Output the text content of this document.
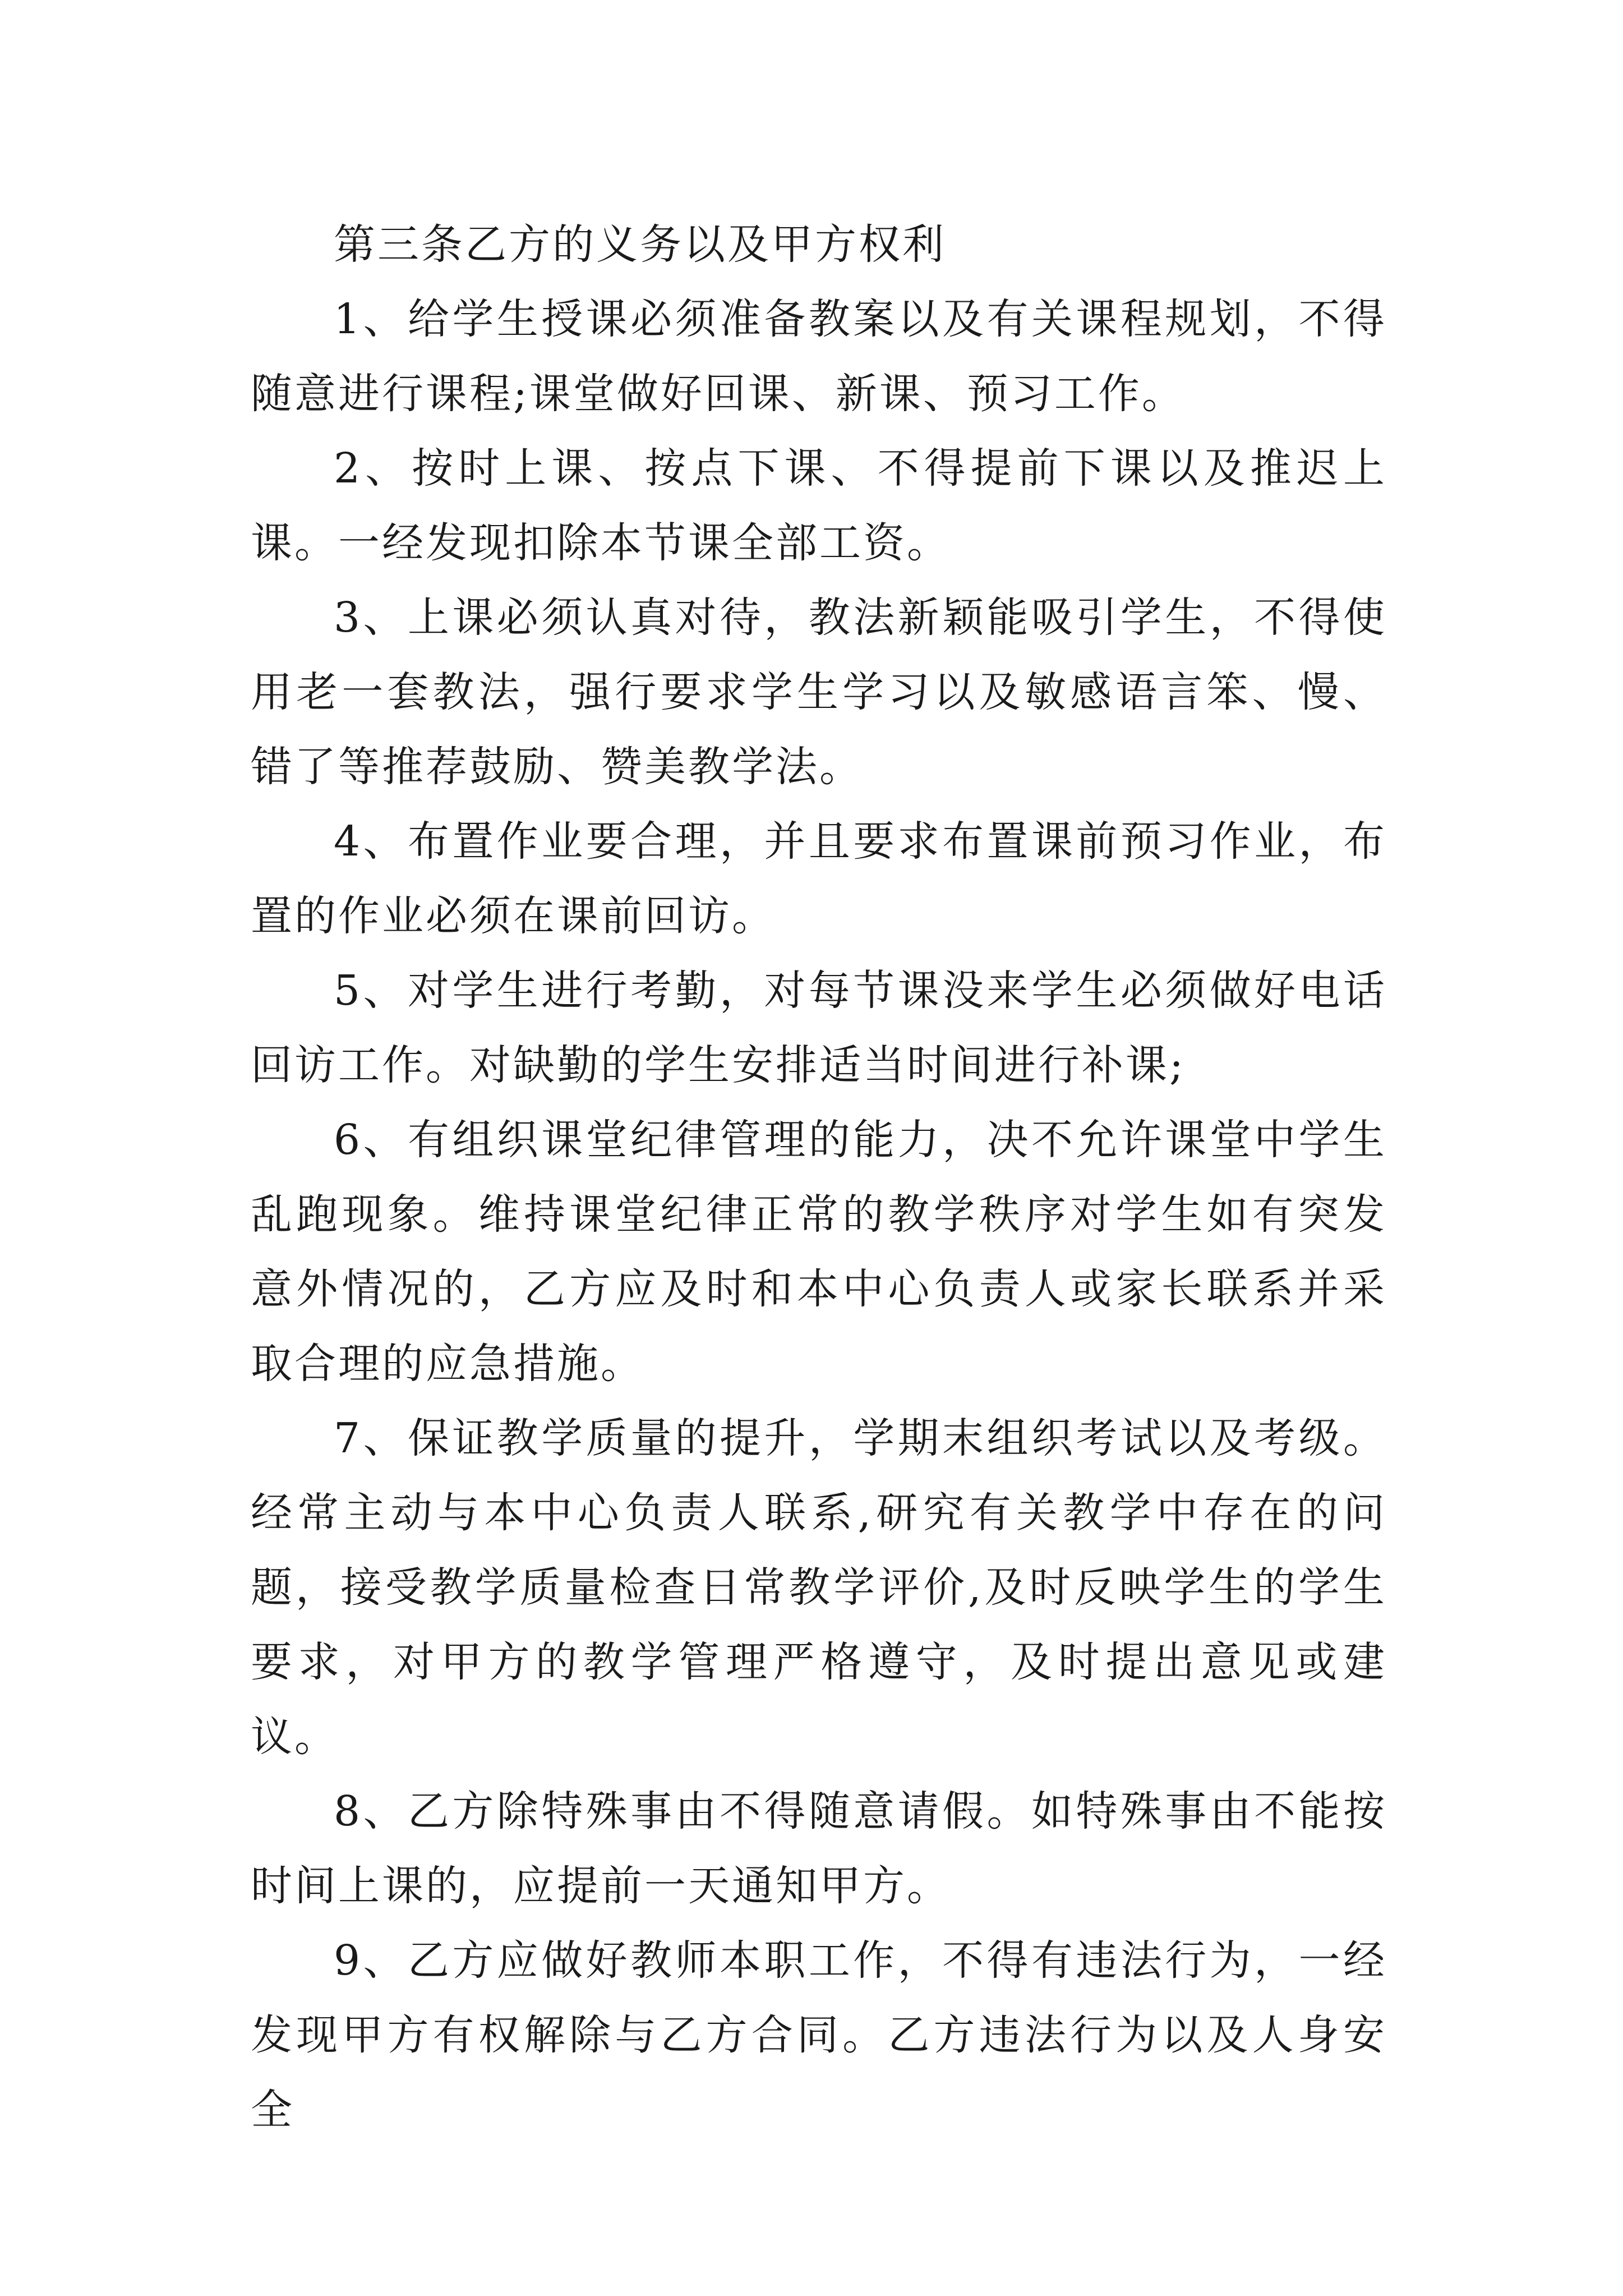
第三条乙方的义务以及甲方权利

1、给学生授课必须准备教案以及有关课程规划，不得随意进行课程;课堂做好回课、新课、预习工作。

2、按时上课、按点下课、不得提前下课以及推迟上课。一经发现扣除本节课全部工资。

3、上课必须认真对待，教法新颖能吸引学生，不得使用老一套教法，强行要求学生学习以及敏感语言笨、慢、错了等推荐鼓励、赞美教学法。

4、布置作业要合理，并且要求布置课前预习作业，布置的作业必须在课前回访。

5、对学生进行考勤，对每节课没来学生必须做好电话回访工作。对缺勤的学生安排适当时间进行补课;

6、有组织课堂纪律管理的能力，决不允许课堂中学生乱跑现象。维持课堂纪律正常的教学秩序对学生如有突发意外情况的，乙方应及时和本中心负责人或家长联系并采取合理的应急措施。

7、保证教学质量的提升，学期末组织考试以及考级。经常主动与本中心负责人联系,研究有关教学中存在的问题，接受教学质量检查日常教学评价,及时反映学生的学生要求，对甲方的教学管理严格遵守，及时提出意见或建议。

8、乙方除特殊事由不得随意请假。如特殊事由不能按时间上课的，应提前一天通知甲方。

9、乙方应做好教师本职工作，不得有违法行为，一经发现甲方有权解除与乙方合同。乙方违法行为以及人身安全
